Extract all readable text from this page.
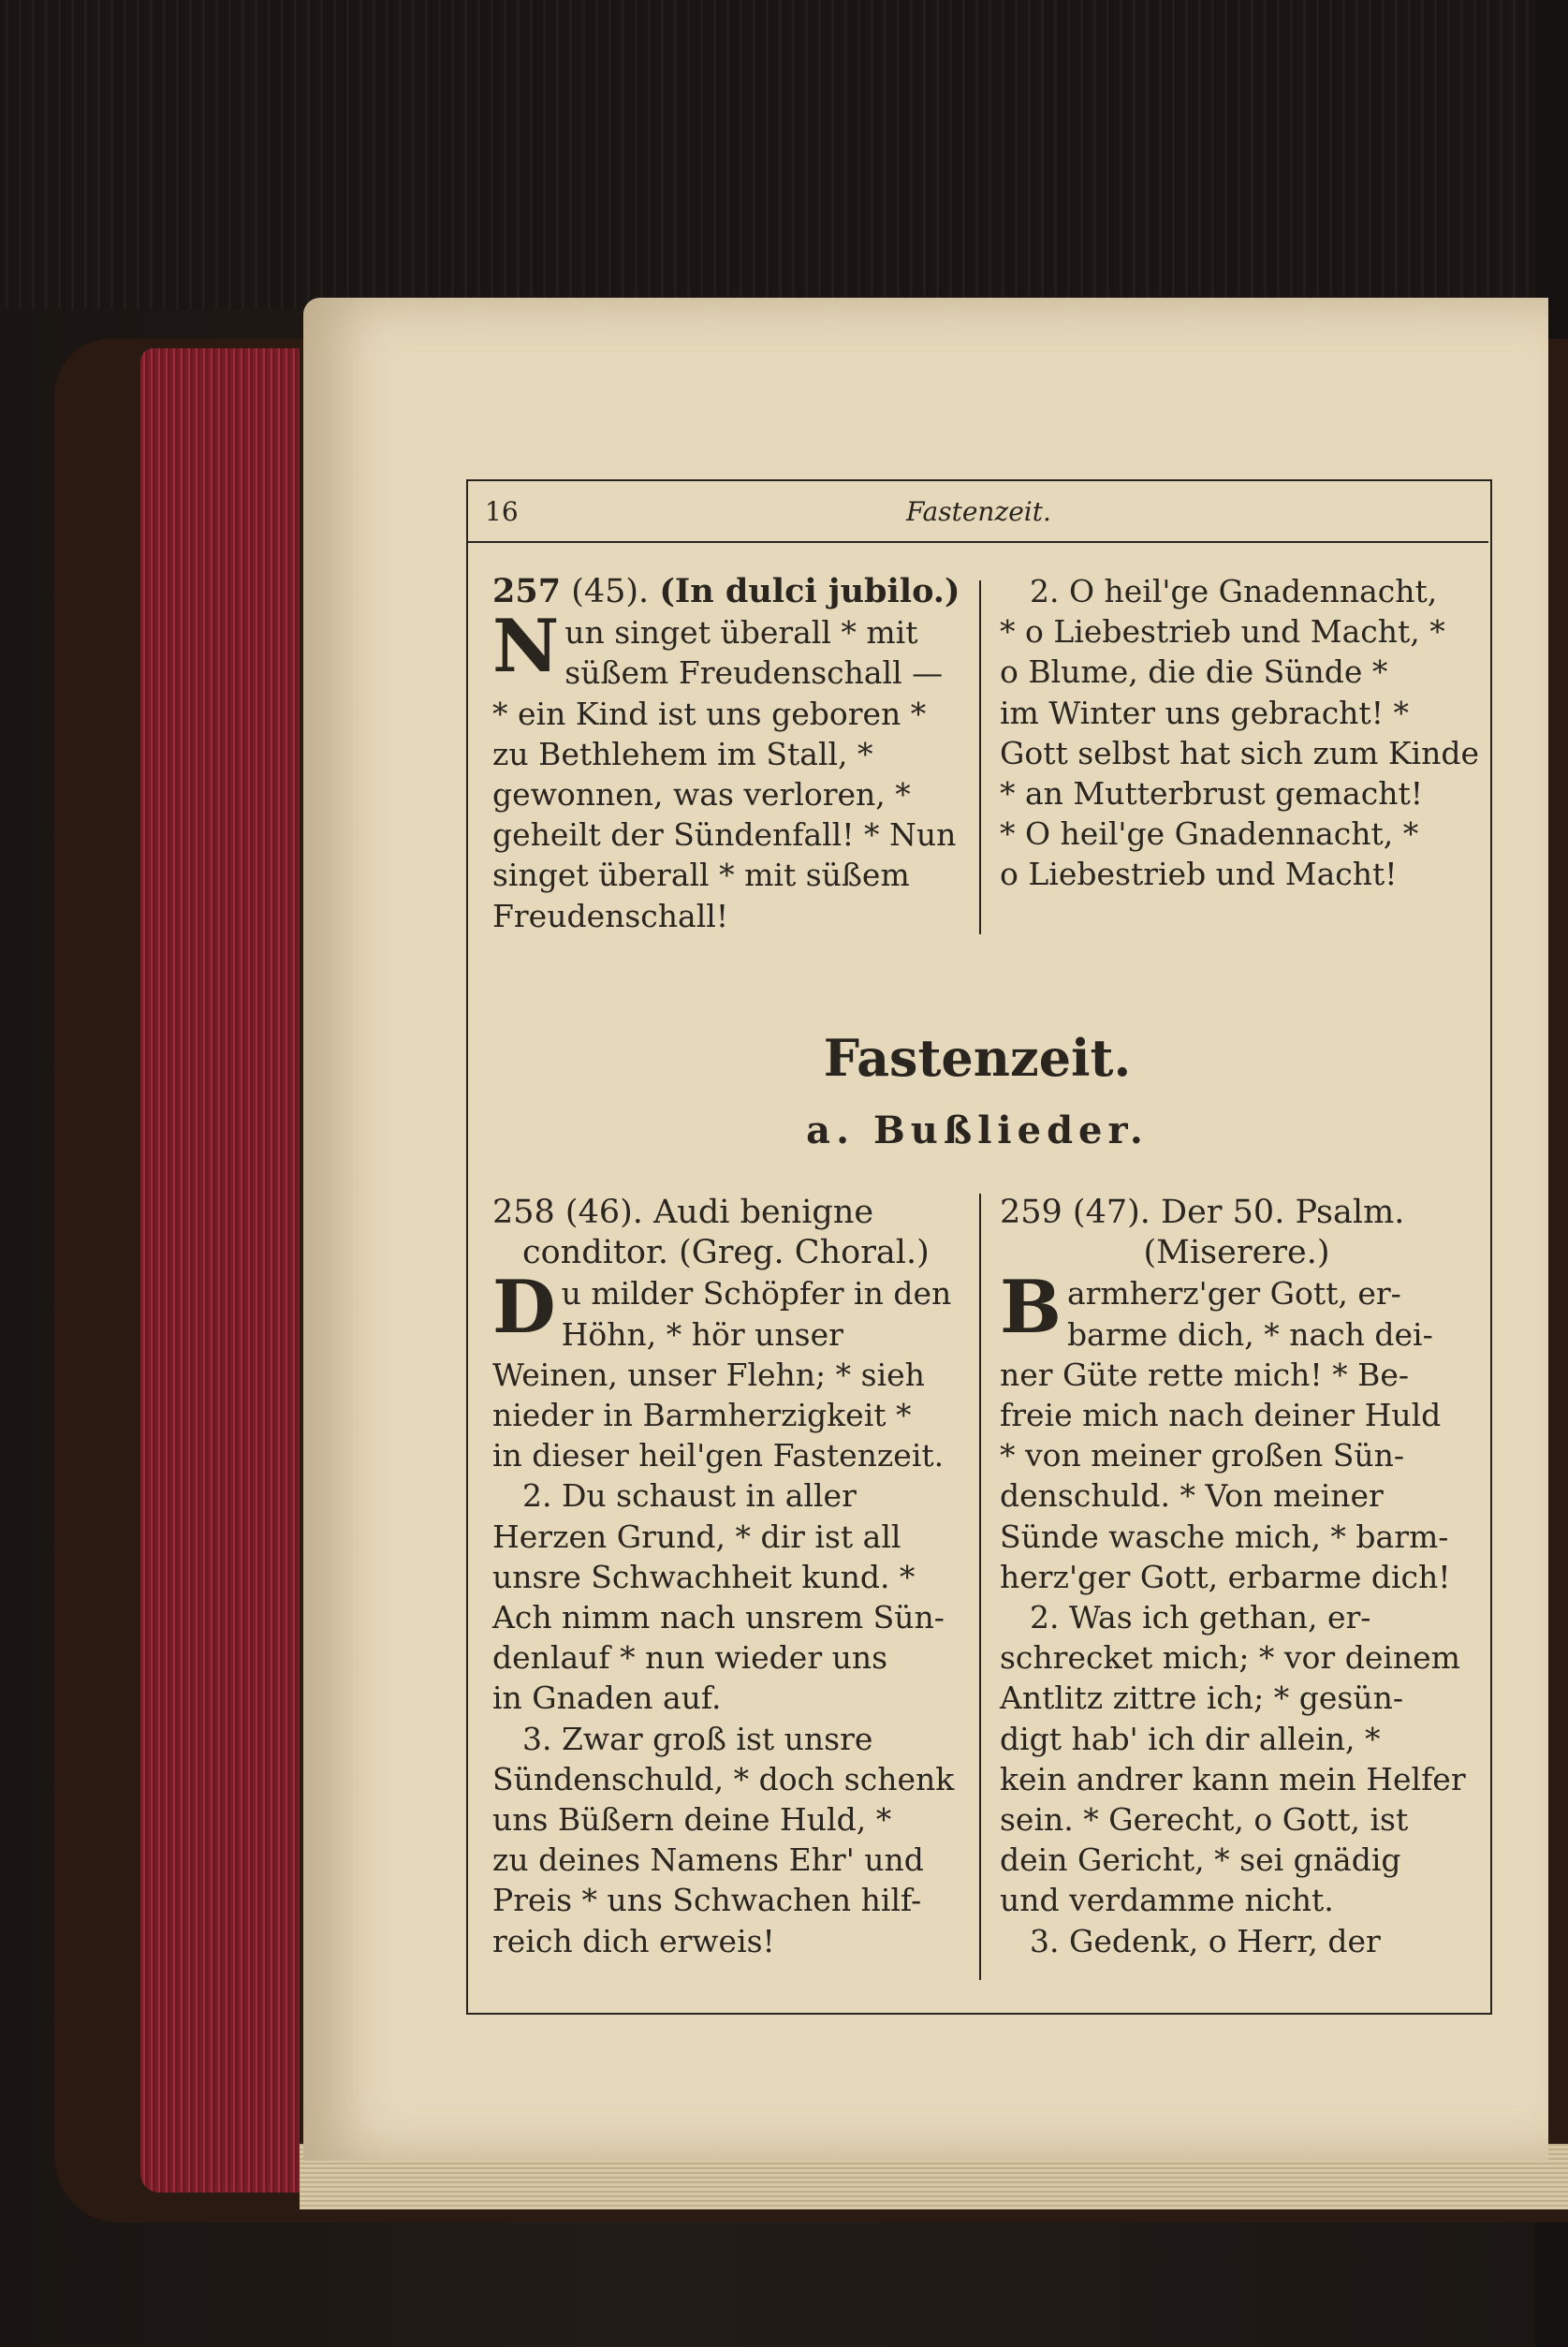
16	Fastenzeit.

257 (45). (In dulci jubilo.)

N un singet überall * mit

süßem Freudenschall —

* ein Kind ist uns geboren *

zu Bethlehem im Stall, *

gewonnen, was verloren, *

geheilt der Sündenfall! * Nun

singet überall * mit süßem

Freudenschall!

2. O heil'ge Gnadennacht,

* o Liebestrieb und Macht, *

o Blume, die die Sünde *

im Winter uns gebracht! *

Gott selbst hat sich zum Kinde

* an Mutterbrust gemacht!

* O heil'ge Gnadennacht, *

o Liebestrieb und Macht!

Fastenzeit.
a. Bußlieder.

258 (46). Audi benigne

conditor. (Greg. Choral.)

D u milder Schöpfer in den

Höhn, * hör unser

Weinen, unser Flehn; * sieh

nieder in Barmherzigkeit *

in dieser heil'gen Fastenzeit.

2. Du schaust in aller

Herzen Grund, * dir ist all

unsre Schwachheit kund. *

Ach nimm nach unsrem Sün-

denlauf * nun wieder uns

in Gnaden auf.

3. Zwar groß ist unsre

Sündenschuld, * doch schenk

uns Büßern deine Huld, *

zu deines Namens Ehr' und

Preis * uns Schwachen hilf-

reich dich erweis!

259 (47). Der 50. Psalm.

(Miserere.)

B armherz'ger Gott, er-

barme dich, * nach dei-

ner Güte rette mich! * Be-

freie mich nach deiner Huld

* von meiner großen Sün-

denschuld. * Von meiner

Sünde wasche mich, * barm-

herz'ger Gott, erbarme dich!

2. Was ich gethan, er-

schrecket mich; * vor deinem

Antlitz zittre ich; * gesün-

digt hab' ich dir allein, *

kein andrer kann mein Helfer

sein. * Gerecht, o Gott, ist

dein Gericht, * sei gnädig

und verdamme nicht.

3. Gedenk, o Herr, der
